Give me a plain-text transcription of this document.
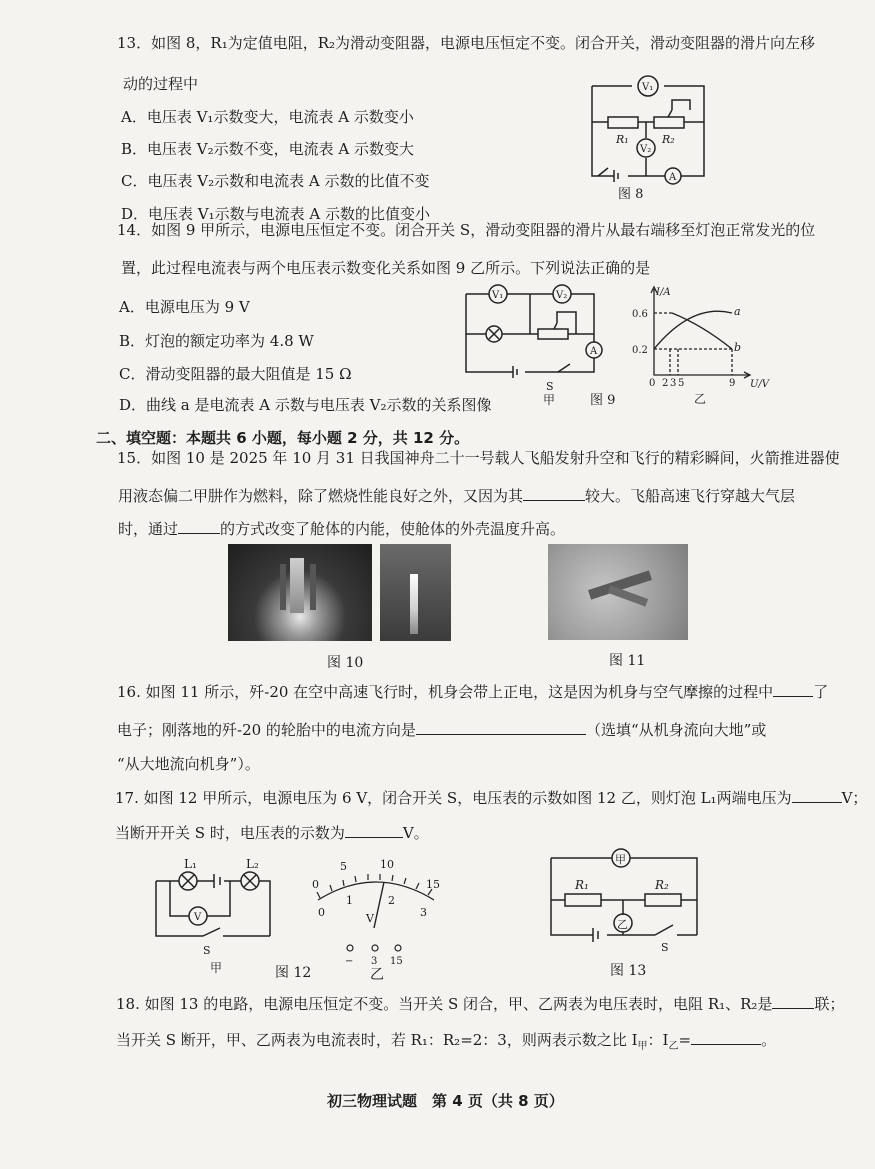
13．如图 8，R₁为定值电阻，R₂为滑动变阻器，电源电压恒定不变。闭合开关，滑动变阻器的滑片向左移
动的过程中
A．电压表 V₁示数变大，电流表 A 示数变小
B．电压表 V₂示数不变，电流表 A 示数变大
C．电压表 V₂示数和电流表 A 示数的比值不变
D．电压表 V₁示数与电流表 A 示数的比值变小
V₁
V₂
R₁	R₂
A
图 8
14．如图 9 甲所示，电源电压恒定不变。闭合开关 S，滑动变阻器的滑片从最右端移至灯泡正常发光的位
置，此过程电流表与两个电压表示数变化关系如图 9 乙所示。下列说法正确的是
A．电源电压为 9 V
B．灯泡的额定功率为 4.8 W
C．滑动变阻器的最大阻值是 15 Ω
D．曲线 a 是电流表 A 示数与电压表 V₂示数的关系图像
V₁	V₂
A
S
甲	图 9
I/A
U/V
0.6
0.2
0 2 3 5	9
a
b
乙
二、填空题：本题共 6 小题，每小题 2 分，共 12 分。
15．如图 10 是 2025 年 10 月 31 日我国神舟二十一号载人飞船发射升空和飞行的精彩瞬间，火箭推进器使
用液态偏二甲肼作为燃料，除了燃烧性能良好之外，又因为其	较大。飞船高速飞行穿越大气层
时，通过	的方式改变了舱体的内能，使舱体的外壳温度升高。
图 10	图 11
16. 如图 11 所示，歼-20 在空中高速飞行时，机身会带上正电，这是因为机身与空气摩擦的过程中	了
电子；刚落地的歼-20 的轮胎中的电流方向是	（选填“从机身流向大地”或
“从大地流向机身”）。
17. 如图 12 甲所示，电源电压为 6 V，闭合开关 S，电压表的示数如图 12 乙，则灯泡 L₁两端电压为	V；
当断开开关 S 时，电压表的示数为	V。
L₁	L₂
V
S
甲
0
5	10
15
0
1	2
3
V
− 3 15
图 12	乙
甲
乙
R₁	R₂
S
图 13
18. 如图 13 的电路，电源电压恒定不变。当开关 S 闭合，甲、乙两表为电压表时，电阻 R₁、R₂是	联；
当开关 S 断开，甲、乙两表为电流表时，若 R₁：R₂=2：3，则两表示数之比 $I_甲$：$I_乙=$	。
初三物理试题　第 4 页（共 8 页）
